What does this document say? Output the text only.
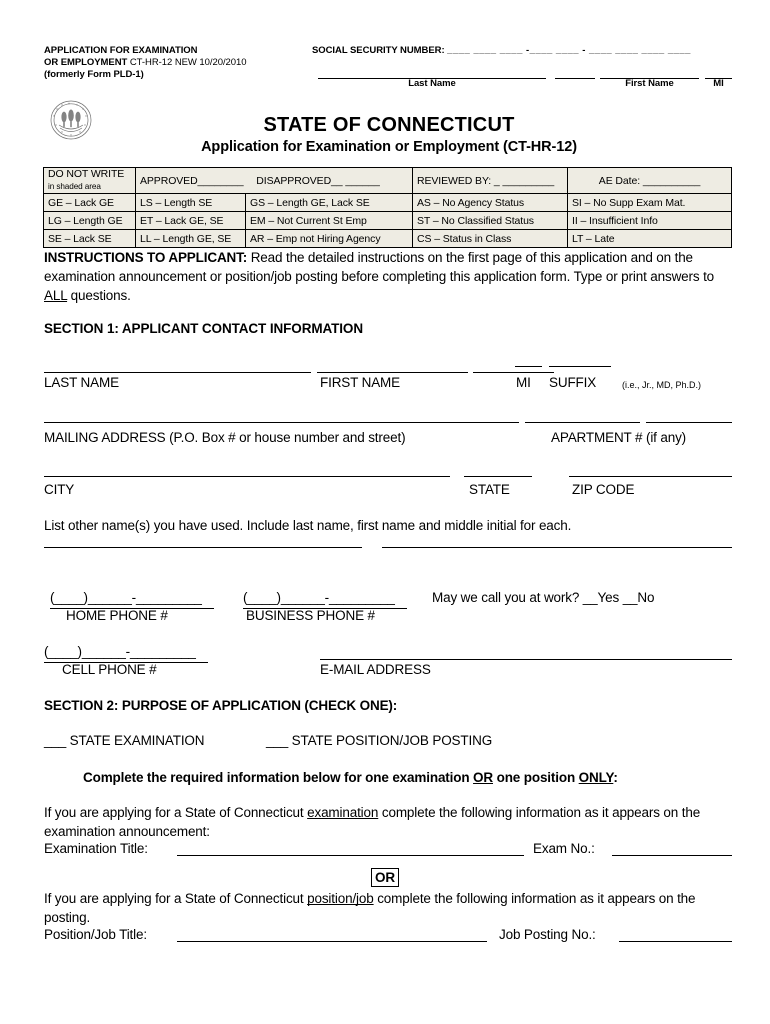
APPLICATION FOR EXAMINATION
OR EMPLOYMENT CT-HR-12 NEW 10/20/2010
(formerly Form PLD-1)
SOCIAL SECURITY NUMBER: ____ ____ ____ -____ ____ - ____ ____ ____ ____
Last Name	First Name	MI
STATE OF CONNECTICUT
Application for Examination or Employment (CT-HR-12)
DO NOT WRITE
in shaded area	APPROVED________ DISAPPROVED__ ______		REVIEWED BY: _ _________	AE Date: __________
GE – Lack GE	LS – Length SE	GS – Length GE, Lack SE	AS – No Agency Status	SI – No Supp Exam Mat.
LG – Length GE	ET – Lack GE, SE	EM – Not Current St Emp	ST – No Classified Status	II – Insufficient Info
SE – Lack SE	LL – Length GE, SE	AR – Emp not Hiring Agency	CS – Status in Class	LT – Late
INSTRUCTIONS TO APPLICANT: Read the detailed instructions on the first page of this application and on the examination announcement or position/job posting before completing this application form. Type or print answers to ALL questions.
SECTION 1: APPLICANT CONTACT INFORMATION
LAST NAME	FIRST NAME	MI SUFFIX	(i.e., Jr., MD, Ph.D.)
MAILING ADDRESS (P.O. Box # or house number and street)	APARTMENT # (if any)
CITY	STATE	ZIP CODE
List other name(s) you have used. Include last name, first name and middle initial for each.
(____)______-_________
HOME PHONE #
(____)______-_________
BUSINESS PHONE #
May we call you at work? __Yes __No
(____)______-_________
CELL PHONE #	E-MAIL ADDRESS
SECTION 2: PURPOSE OF APPLICATION (CHECK ONE):
___ STATE EXAMINATION	___ STATE POSITION/JOB POSTING
Complete the required information below for one examination OR one position ONLY:
If you are applying for a State of Connecticut examination complete the following information as it appears on the examination announcement:
Examination Title:	Exam No.:
OR
If you are applying for a State of Connecticut position/job complete the following information as it appears on the posting.
Position/Job Title:	Job Posting No.:
